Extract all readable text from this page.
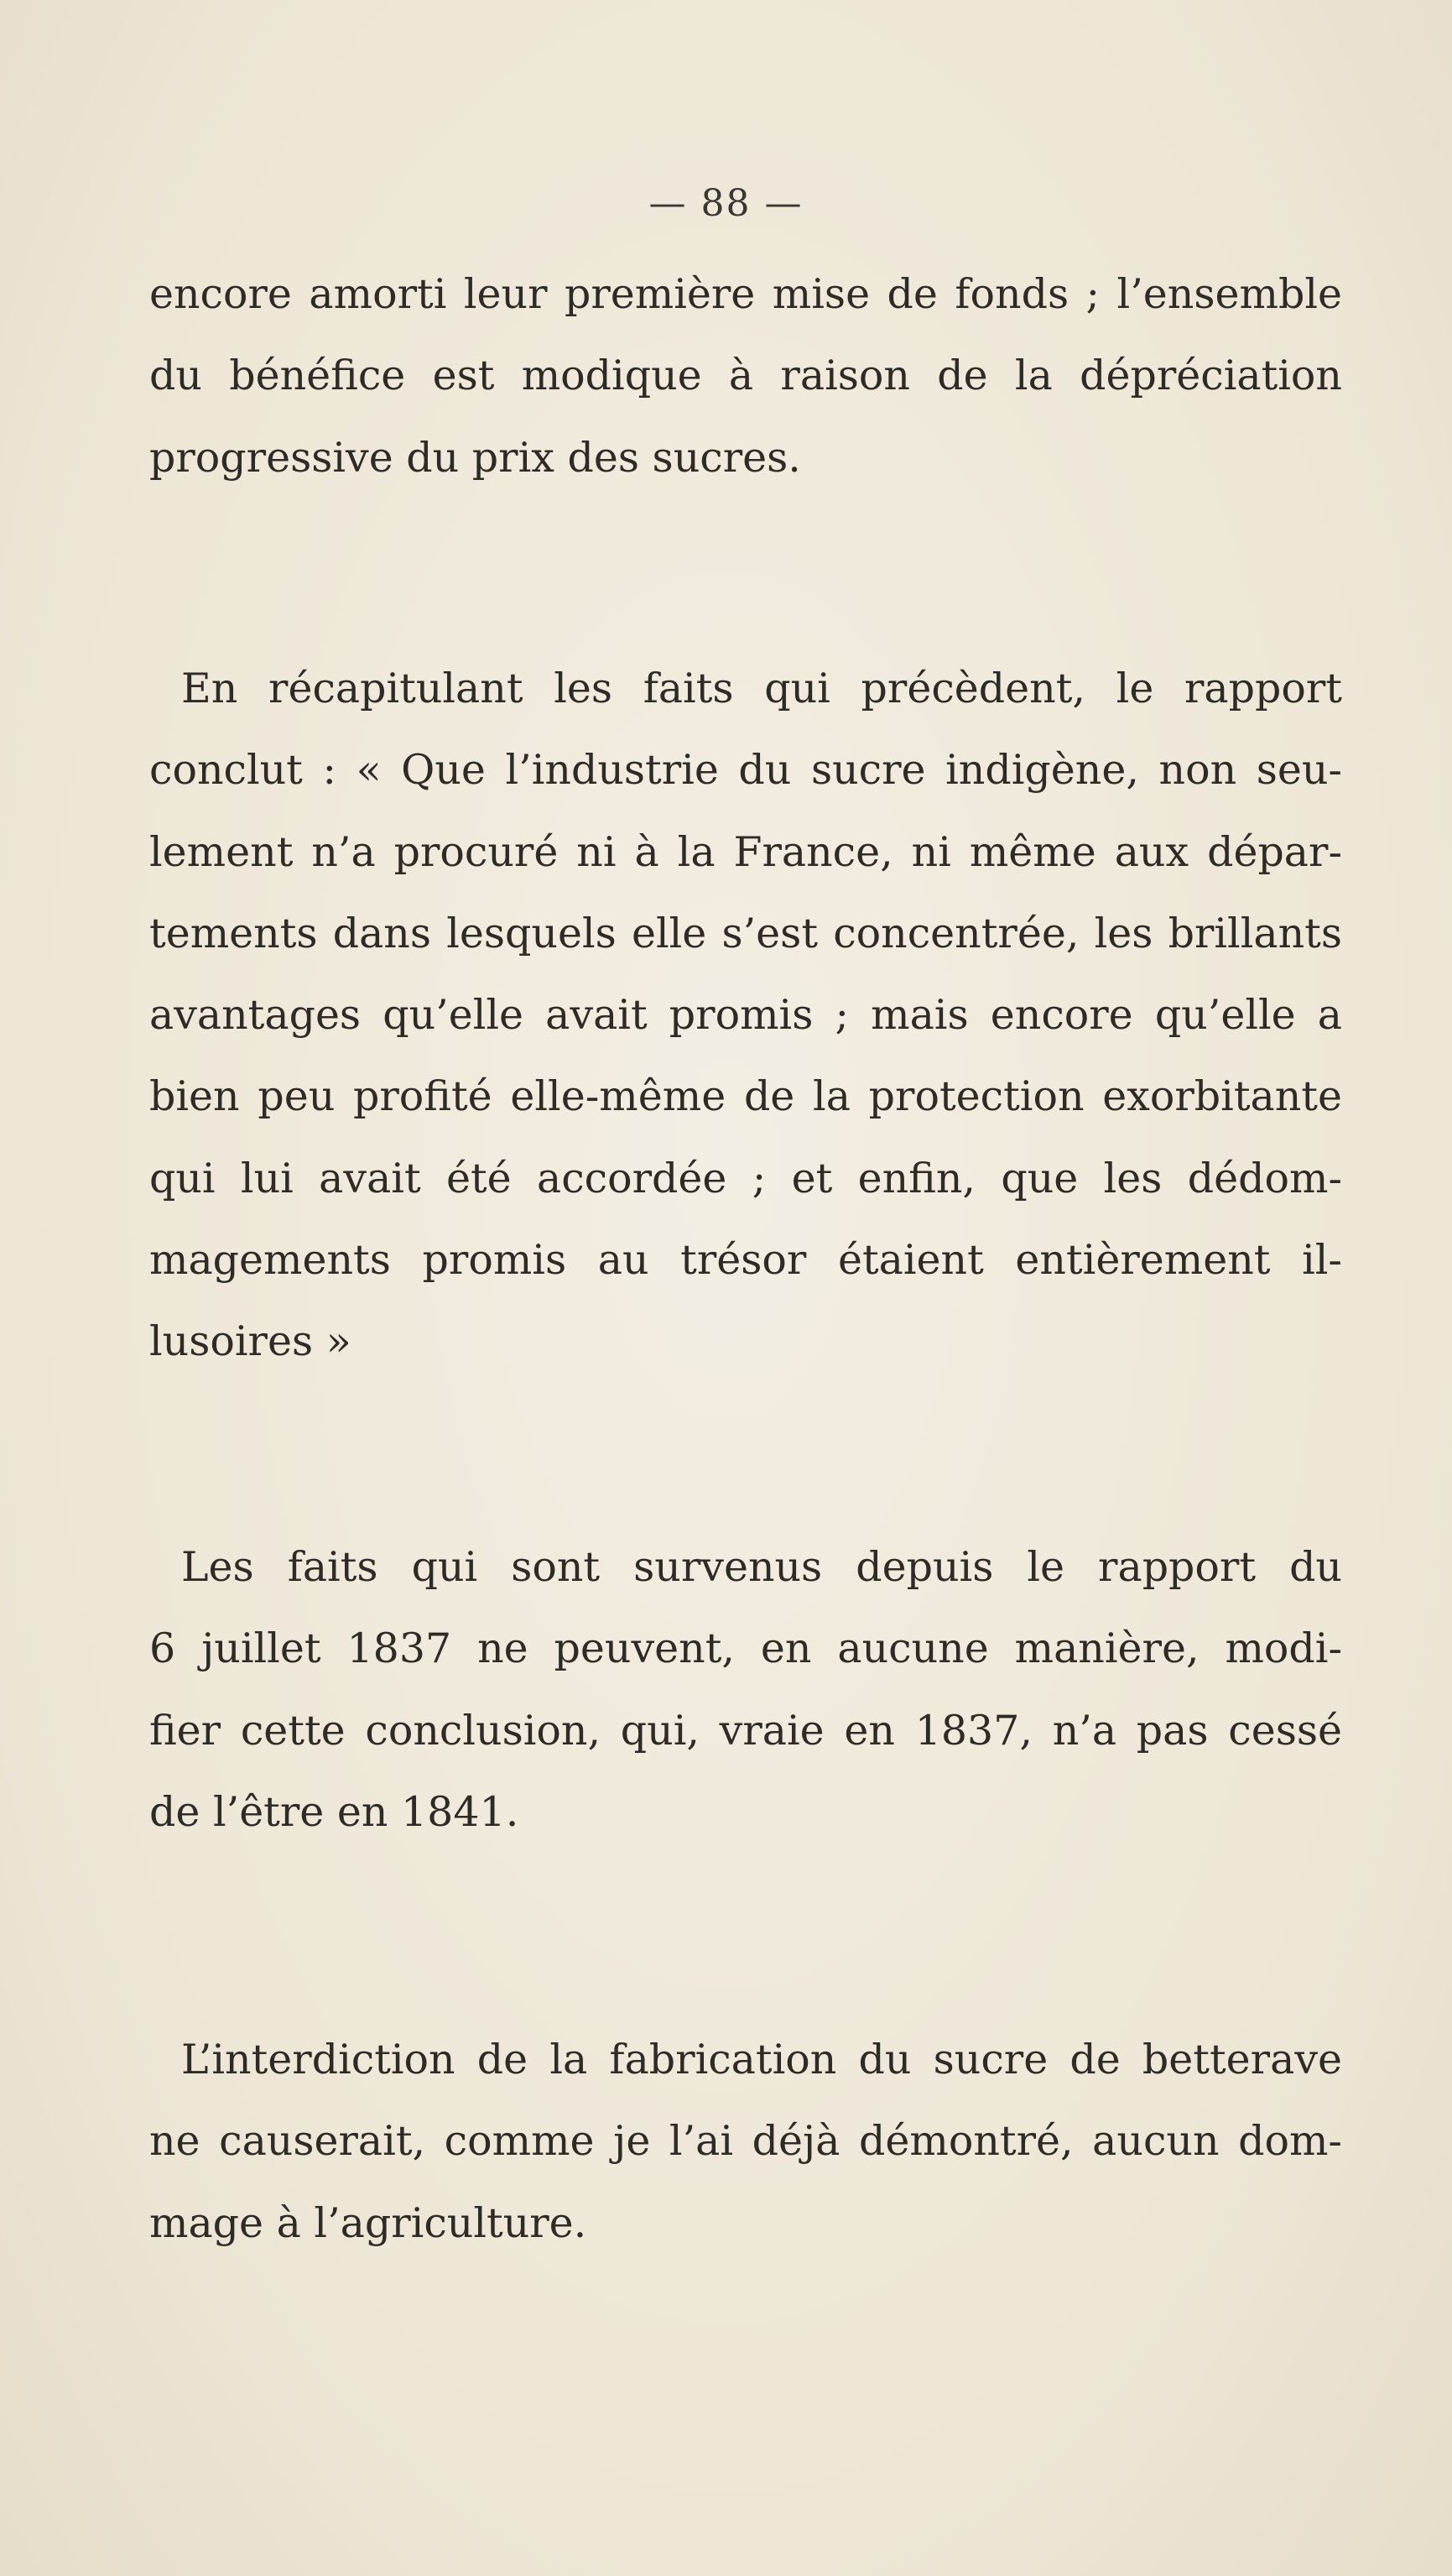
— 88 —
encore amorti leur première mise de fonds ; l’ensemble
du bénéfice est modique à raison de la dépréciation
progressive du prix des sucres.
En récapitulant les faits qui précèdent, le rapport
conclut : « Que l’industrie du sucre indigène, non seu-
lement n’a procuré ni à la France, ni même aux dépar-
tements dans lesquels elle s’est concentrée, les brillants
avantages qu’elle avait promis ; mais encore qu’elle a
bien peu profité elle-même de la protection exorbitante
qui lui avait été accordée ; et enfin, que les dédom-
magements promis au trésor étaient entièrement il-
lusoires »
Les faits qui sont survenus depuis le rapport du
6 juillet 1837 ne peuvent, en aucune manière, modi-
fier cette conclusion, qui, vraie en 1837, n’a pas cessé
de l’être en 1841.
L’interdiction de la fabrication du sucre de betterave
ne causerait, comme je l’ai déjà démontré, aucun dom-
mage à l’agriculture.
